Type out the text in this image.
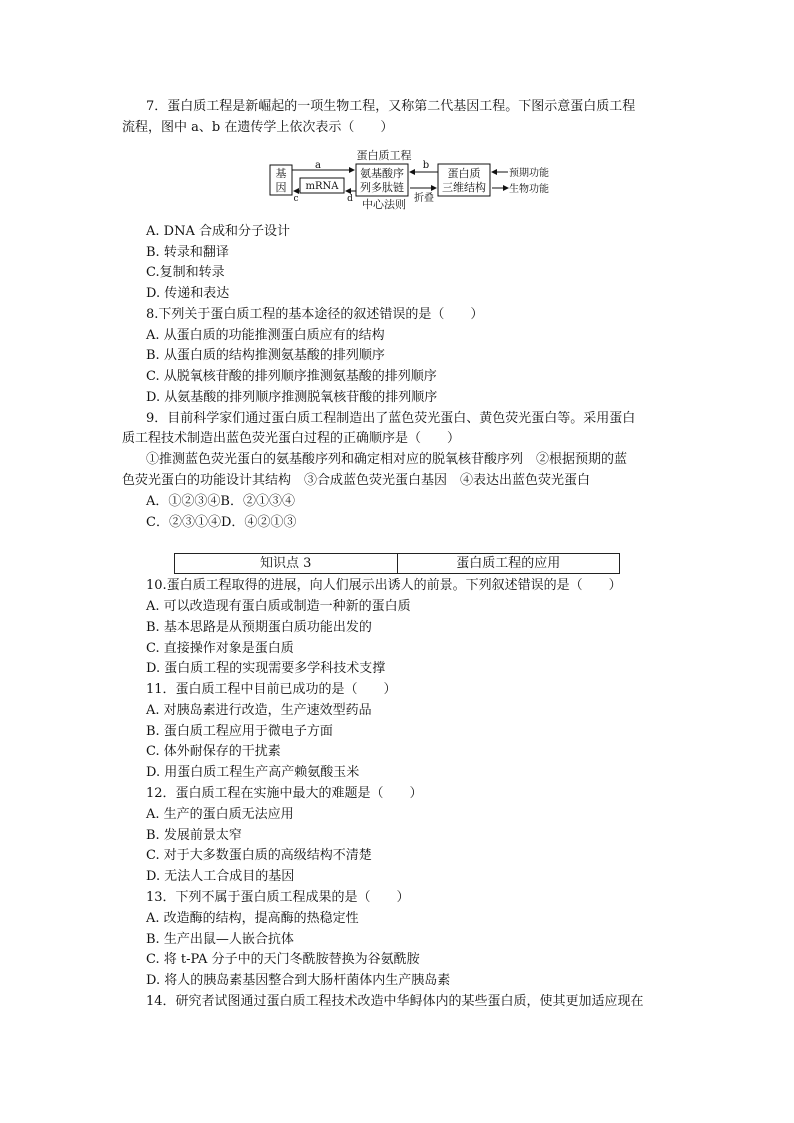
7．蛋白质工程是新崛起的一项生物工程，又称第二代基因工程。下图示意蛋白质工程
流程，图中 a、b 在遗传学上依次表示（　　）
蛋白质工程
基
因
a
mRNA
c	d
氨基酸序
列多肽链
b
折叠
蛋白质
三维结构
预期功能
生物功能
中心法则
A. DNA 合成和分子设计
B. 转录和翻译
C.复制和转录
D. 传递和表达
8.下列关于蛋白质工程的基本途径的叙述错误的是（　　）
A. 从蛋白质的功能推测蛋白质应有的结构
B. 从蛋白质的结构推测氨基酸的排列顺序
C. 从脱氧核苷酸的排列顺序推测氨基酸的排列顺序
D. 从氨基酸的排列顺序推测脱氧核苷酸的排列顺序
9．目前科学家们通过蛋白质工程制造出了蓝色荧光蛋白、黄色荧光蛋白等。采用蛋白
质工程技术制造出蓝色荧光蛋白过程的正确顺序是（　　）
①推测蓝色荧光蛋白的氨基酸序列和确定相对应的脱氧核苷酸序列　②根据预期的蓝
色荧光蛋白的功能设计其结构　③合成蓝色荧光蛋白基因　④表达出蓝色荧光蛋白
A．①②③④B．②①③④
C．②③①④D．④②①③
知识点 3	蛋白质工程的应用
10.蛋白质工程取得的进展，向人们展示出诱人的前景。下列叙述错误的是（　　）
A. 可以改造现有蛋白质或制造一种新的蛋白质
B. 基本思路是从预期蛋白质功能出发的
C. 直接操作对象是蛋白质
D. 蛋白质工程的实现需要多学科技术支撑
11．蛋白质工程中目前已成功的是（　　）
A. 对胰岛素进行改造，生产速效型药品
B. 蛋白质工程应用于微电子方面
C. 体外耐保存的干扰素
D. 用蛋白质工程生产高产赖氨酸玉米
12．蛋白质工程在实施中最大的难题是（　　）
A. 生产的蛋白质无法应用
B. 发展前景太窄
C. 对于大多数蛋白质的高级结构不清楚
D. 无法人工合成目的基因
13．下列不属于蛋白质工程成果的是（　　）
A. 改造酶的结构，提高酶的热稳定性
B. 生产出鼠—人嵌合抗体
C. 将 t-PA 分子中的天门冬酰胺替换为谷氨酰胺
D. 将人的胰岛素基因整合到大肠杆菌体内生产胰岛素
14．研究者试图通过蛋白质工程技术改造中华鲟体内的某些蛋白质，使其更加适应现在
